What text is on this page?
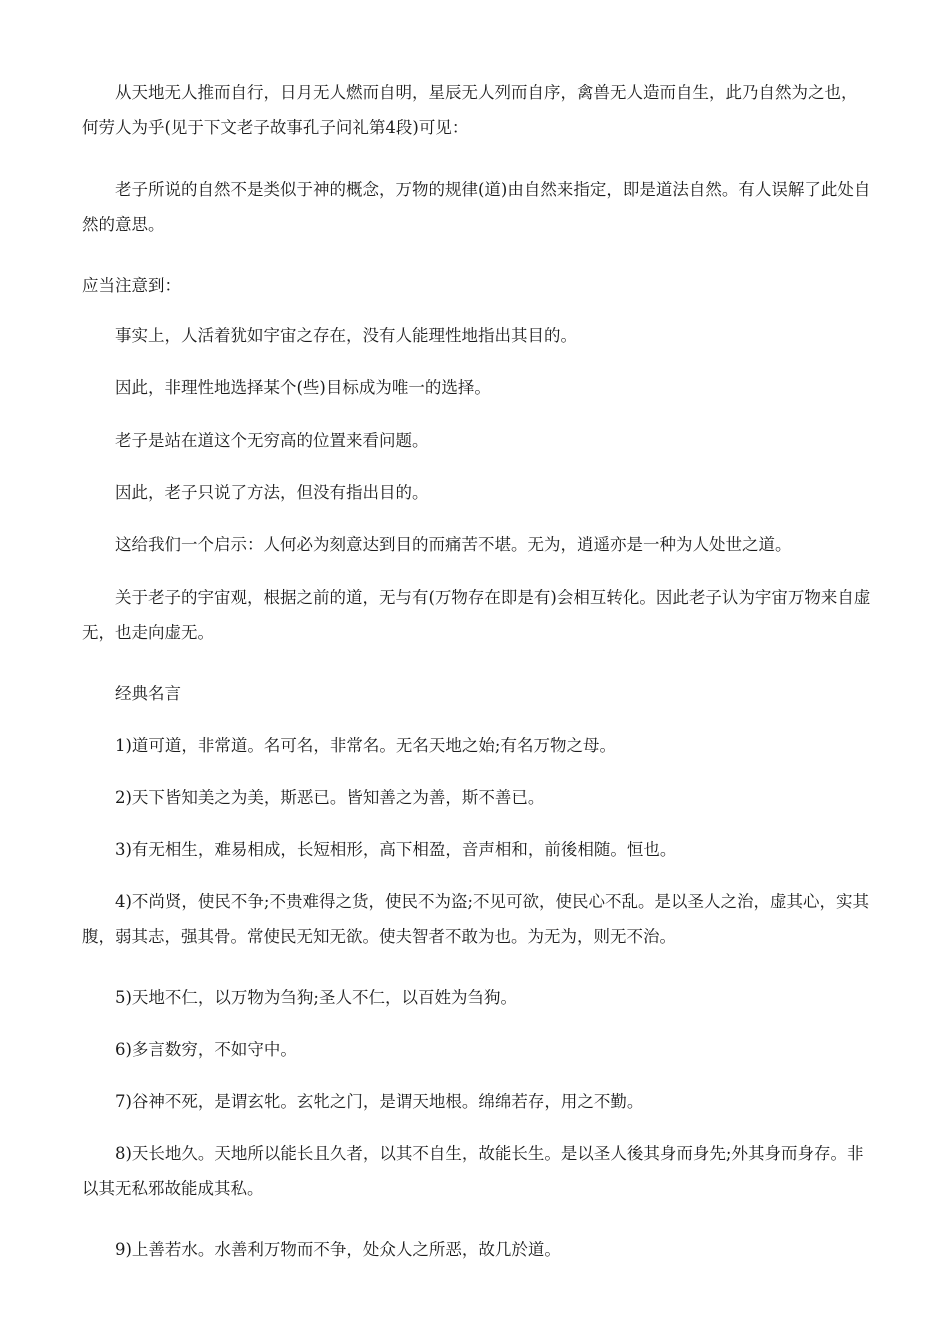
从天地无人推而自行，日月无人燃而自明，星辰无人列而自序，禽兽无人造而自生，此乃自然为之也，何劳人为乎(见于下文老子故事孔子问礼第4段)可见：

老子所说的自然不是类似于神的概念，万物的规律(道)由自然来指定，即是道法自然。有人误解了此处自然的意思。

应当注意到：

事实上，人活着犹如宇宙之存在，没有人能理性地指出其目的。

因此，非理性地选择某个(些)目标成为唯一的选择。

老子是站在道这个无穷高的位置来看问题。

因此，老子只说了方法，但没有指出目的。

这给我们一个启示：人何必为刻意达到目的而痛苦不堪。无为，逍遥亦是一种为人处世之道。

关于老子的宇宙观，根据之前的道，无与有(万物存在即是有)会相互转化。因此老子认为宇宙万物来自虚无，也走向虚无。

经典名言

1)道可道，非常道。名可名，非常名。无名天地之始;有名万物之母。

2)天下皆知美之为美，斯恶已。皆知善之为善，斯不善已。

3)有无相生，难易相成，长短相形，高下相盈，音声相和，前後相随。恒也。

4)不尚贤，使民不争;不贵难得之货，使民不为盗;不见可欲，使民心不乱。是以圣人之治，虚其心，实其腹，弱其志，强其骨。常使民无知无欲。使夫智者不敢为也。为无为，则无不治。

5)天地不仁，以万物为刍狗;圣人不仁，以百姓为刍狗。

6)多言数穷，不如守中。

7)谷神不死，是谓玄牝。玄牝之门，是谓天地根。绵绵若存，用之不勤。

8)天长地久。天地所以能长且久者，以其不自生，故能长生。是以圣人後其身而身先;外其身而身存。非以其无私邪故能成其私。

9)上善若水。水善利万物而不争，处众人之所恶，故几於道。
